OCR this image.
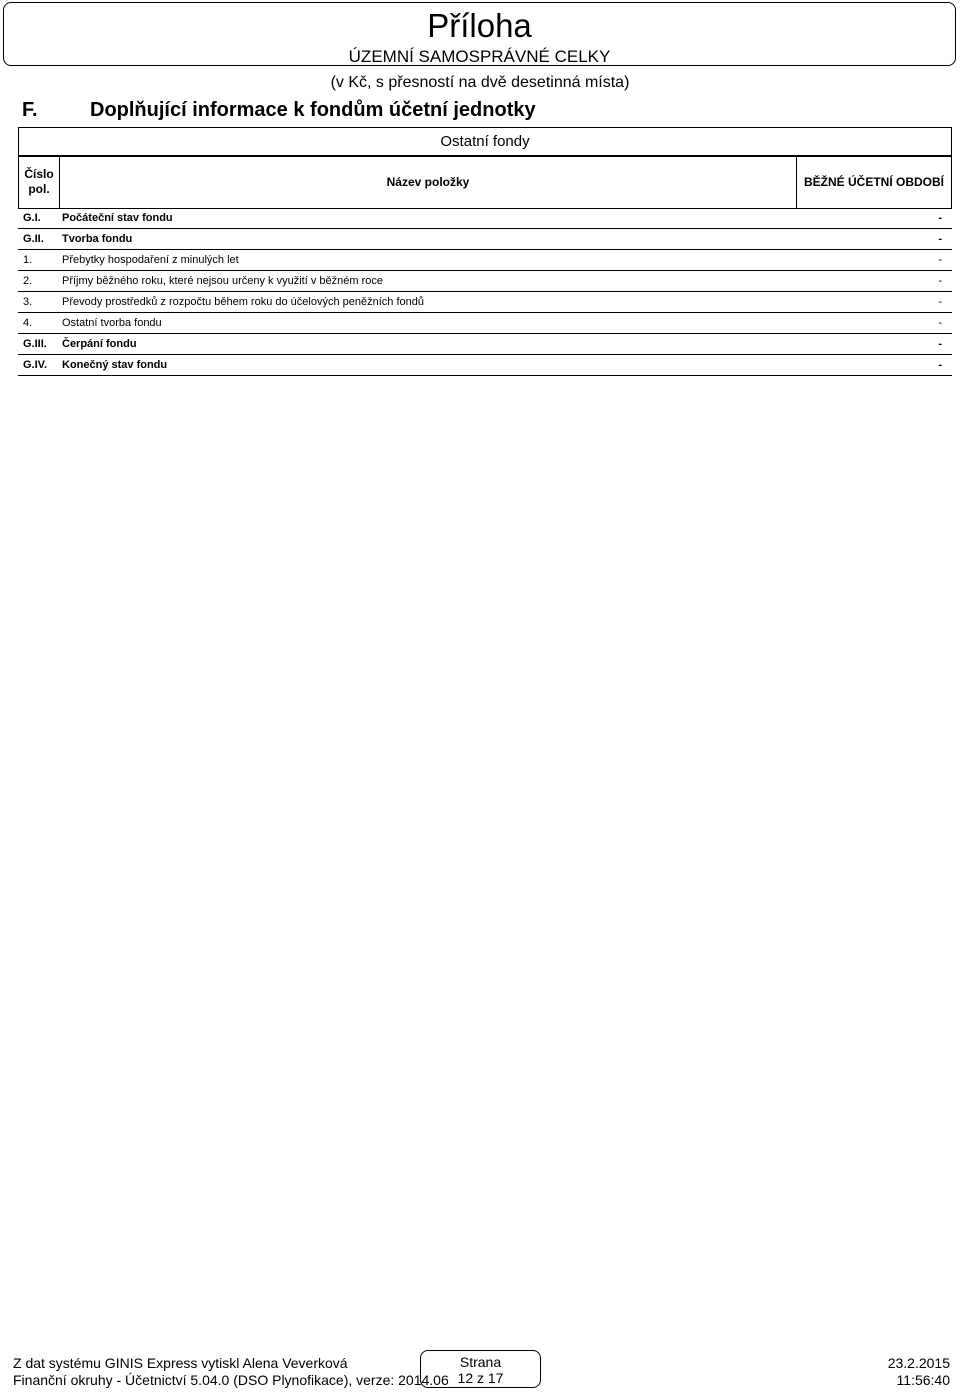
Příloha
ÚZEMNÍ SAMOSPRÁVNÉ CELKY
(v Kč, s přesností na dvě desetinná místa)
F.	Doplňující informace k fondům účetní jednotky
Ostatní fondy
Číslo
pol.	Název položky	BĚŽNÉ ÚČETNÍ OBDOBÍ
G.I. Počáteční stav fondu	-
G.II. Tvorba fondu	-
1.	Přebytky hospodaření z minulých let	-
2.	Příjmy běžného roku, které nejsou určeny k využití v běžném roce	-
3.	Převody prostředků z rozpočtu během roku do účelových peněžních fondů	-
4.	Ostatní tvorba fondu	-
G.III. Čerpání fondu	-
G.IV. Konečný stav fondu	-
Z dat systému GINIS Express vytiskl Alena Veverková
Finanční okruhy - Účetnictví 5.04.0 (DSO Plynofikace), verze: 2014.06
Strana
12 z 17
23.2.2015
11:56:40
